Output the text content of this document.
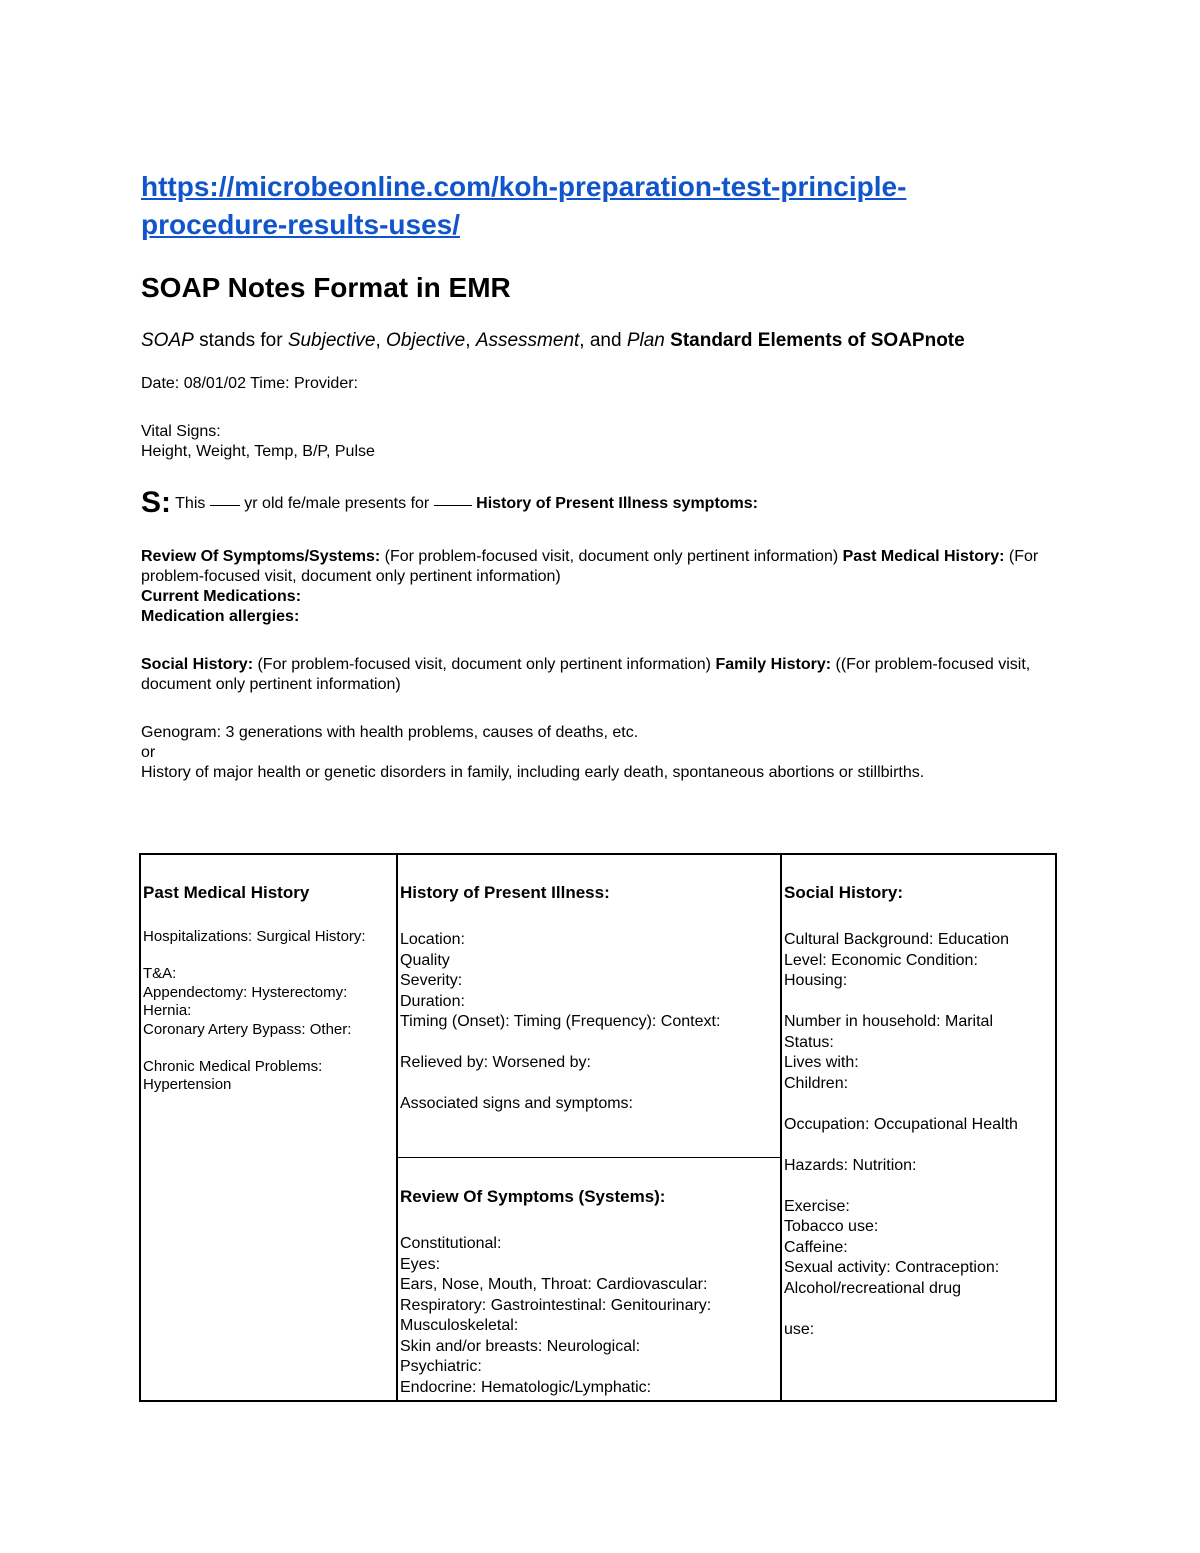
https://microbeonline.com/koh-preparation-test-principle-
procedure-results-uses/
SOAP Notes Format in EMR
SOAP stands for Subjective, Objective, Assessment, and Plan Standard Elements of SOAPnote
Date: 08/01/02 Time: Provider:
Vital Signs:
Height, Weight, Temp, B/P, Pulse
S: This  yr old fe/male presents for  History of Present Illness symptoms:
Review Of Symptoms/Systems: (For problem-focused visit, document only pertinent information) Past Medical History: (For problem-focused visit, document only pertinent information)
Current Medications:
Medication allergies:
Social History: (For problem-focused visit, document only pertinent information) Family History: ((For problem-focused visit, document only pertinent information)
Genogram: 3 generations with health problems, causes of deaths, etc.
or
History of major health or genetic disorders in family, including early death, spontaneous abortions or stillbirths.
Past Medical History
Hospitalizations: Surgical History:

T&A:
Appendectomy: Hysterectomy:
Hernia:
Coronary Artery Bypass: Other:

Chronic Medical Problems:
Hypertension
History of Present Illness:
Location:
Quality
Severity:
Duration:
Timing (Onset): Timing (Frequency): Context:

Relieved by: Worsened by:

Associated signs and symptoms:
Review Of Symptoms (Systems):
Constitutional:
Eyes:
Ears, Nose, Mouth, Throat: Cardiovascular:
Respiratory: Gastrointestinal: Genitourinary:
Musculoskeletal:
Skin and/or breasts: Neurological:
Psychiatric:
Endocrine: Hematologic/Lymphatic:
Social History:
Cultural Background: Education
Level: Economic Condition:
Housing:

Number in household: Marital
Status:
Lives with:
Children:

Occupation: Occupational Health

Hazards: Nutrition:

Exercise:
Tobacco use:
Caffeine:
Sexual activity: Contraception:
Alcohol/recreational drug

use:
